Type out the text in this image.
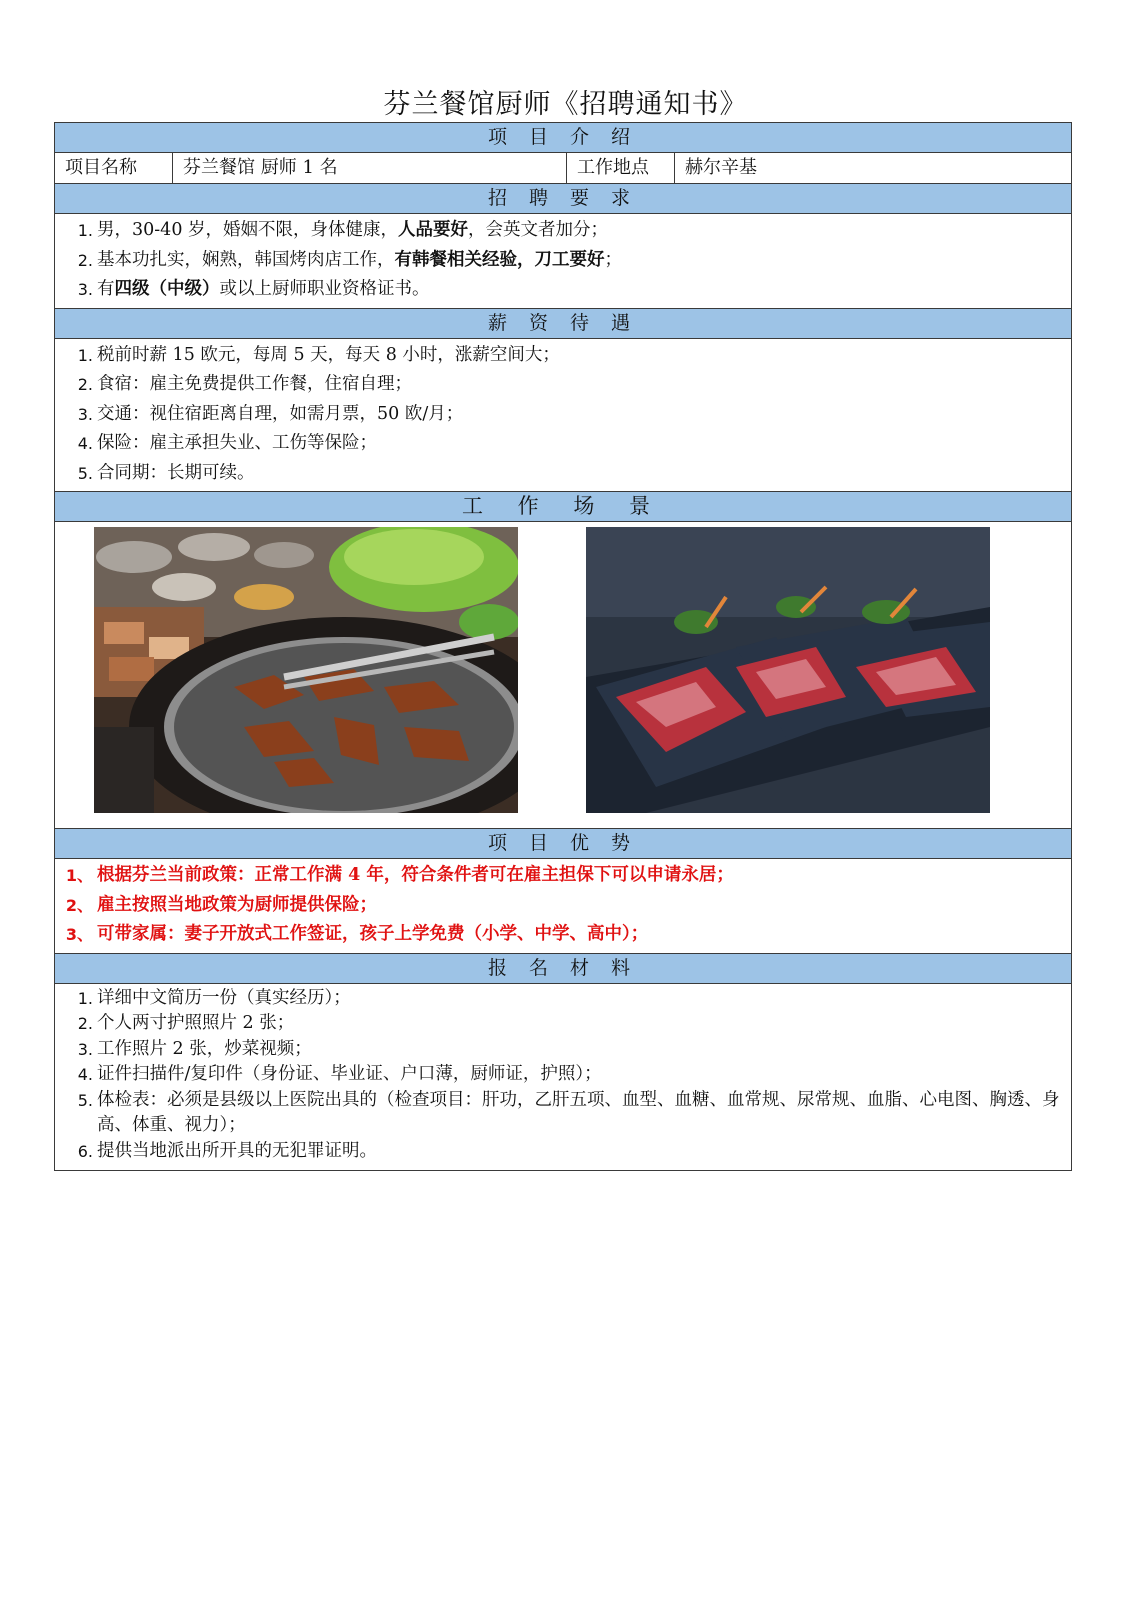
芬兰餐馆厨师《招聘通知书》
项 目 介 绍
项目名称	芬兰餐馆 厨师 1 名	工作地点	赫尔辛基
招 聘 要 求
1. 男，30-40 岁，婚姻不限，身体健康，人品要好，会英文者加分；
2. 基本功扎实，娴熟，韩国烤肉店工作，有韩餐相关经验，刀工要好；
3. 有四级（中级）或以上厨师职业资格证书。
薪 资 待 遇
1. 税前时薪 15 欧元，每周 5 天，每天 8 小时，涨薪空间大；
2. 食宿：雇主免费提供工作餐，住宿自理；
3. 交通：视住宿距离自理，如需月票，50 欧/月；
4. 保险：雇主承担失业、工伤等保险；
5. 合同期：长期可续。
工 作 场 景
项 目 优 势
1、 根据芬兰当前政策：正常工作满 4 年，符合条件者可在雇主担保下可以申请永居；
2、 雇主按照当地政策为厨师提供保险；
3、 可带家属：妻子开放式工作签证，孩子上学免费（小学、中学、高中）；
报 名 材 料
1. 详细中文简历一份（真实经历）；
2. 个人两寸护照照片 2 张；
3. 工作照片 2 张，炒菜视频；
4. 证件扫描件/复印件（身份证、毕业证、户口薄，厨师证，护照）；
5. 体检表：必须是县级以上医院出具的（检查项目：肝功，乙肝五项、血型、血糖、血常规、尿常规、血脂、心电图、胸透、身高、体重、视力）；
6. 提供当地派出所开具的无犯罪证明。
